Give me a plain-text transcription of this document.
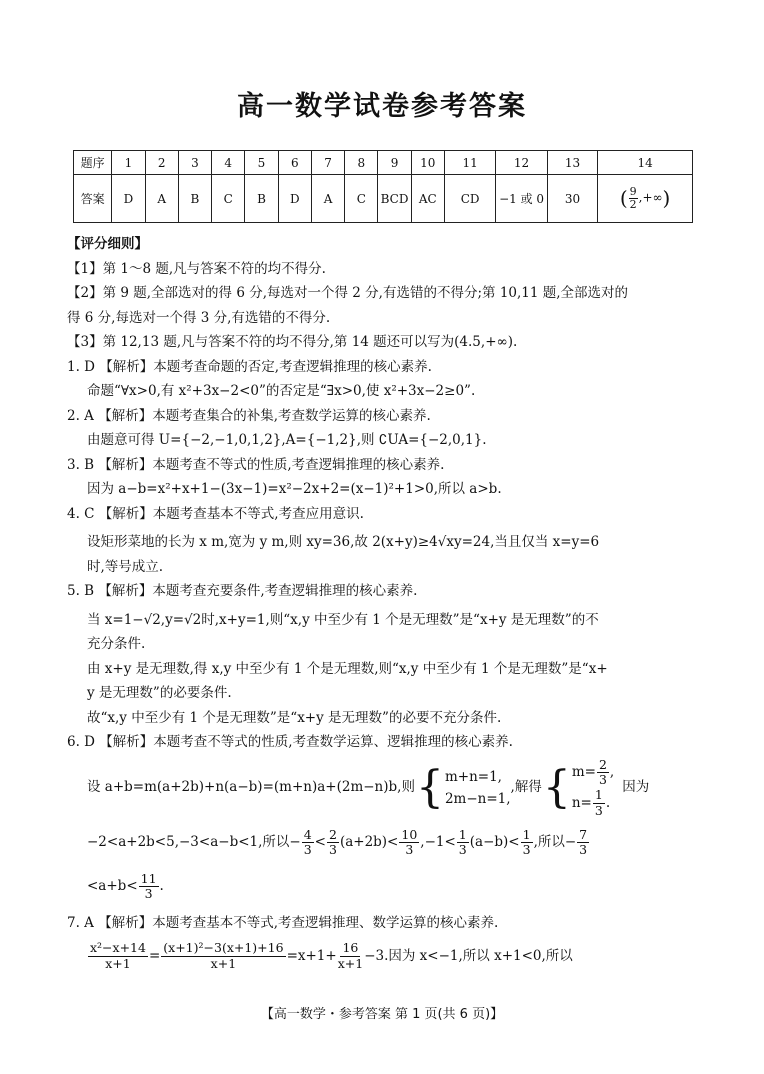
高一数学试卷参考答案
题序	1	2	3	4	5	6	7	8	9	10	11	12	13	14
答案	D	A	B	C	B	D	A	C	BCD	AC	CD	−1 或 0	30	( $\frac{9}{2}$ ,+∞)
【评分细则】
【1】第 1～8 题,凡与答案不符的均不得分.
【2】第 9 题,全部选对的得 6 分,每选对一个得 2 分,有选错的不得分;第 10,11 题,全部选对的
得 6 分,每选对一个得 3 分,有选错的不得分.
【3】第 12,13 题,凡与答案不符的均不得分,第 14 题还可以写为(4.5,+∞).
1. D 【解析】本题考查命题的否定,考查逻辑推理的核心素养.
命题“∀x>0,有 x²+3x−2<0”的否定是“∃x>0,使 x²+3x−2≥0”.
2. A 【解析】本题考查集合的补集,考查数学运算的核心素养.
由题意可得 U={−2,−1,0,1,2},A={−1,2},则 ∁UA={−2,0,1}.
3. B 【解析】本题考查不等式的性质,考查逻辑推理的核心素养.
因为 a−b=x²+x+1−(3x−1)=x²−2x+2=(x−1)²+1>0,所以 a>b.
4. C 【解析】本题考查基本不等式,考查应用意识.
设矩形菜地的长为 x m,宽为 y m,则 xy=36,故 2(x+y)≥4√xy=24,当且仅当 x=y=6
时,等号成立.
5. B 【解析】本题考查充要条件,考查逻辑推理的核心素养.
当 x=1−√2,y=√2时,x+y=1,则“x,y 中至少有 1 个是无理数”是“x+y 是无理数”的不
充分条件.
由 x+y 是无理数,得 x,y 中至少有 1 个是无理数,则“x,y 中至少有 1 个是无理数”是“x+
y 是无理数”的必要条件.
故“x,y 中至少有 1 个是无理数”是“x+y 是无理数”的必要不充分条件.
6. D 【解析】本题考查不等式的性质,考查数学运算、逻辑推理的核心素养.
设 a+b=m(a+2b)+n(a−b)=(m+n)a+(2m−n)b,则 { m+n=1,
2m−n=1,
,解得 { $m= \frac{2}{3}$ ,
$n= \frac{1}{3}$ .
因为
−2<a+2b<5,−3<a−b<1,所以− $\frac{4}{3} < \frac{2}{3} (a+2b)< \frac{10}{3} ,-1< \frac{1}{3} (a-b)< \frac{1}{3}$ ,所以− $\frac{7}{3}$
$<a+b< \frac{11}{3}$ .
7. A 【解析】本题考查基本不等式,考查逻辑推理、数学运算的核心素养.
$\frac{\text{x²−x+14}}{x+1} = \frac{\text{(x+1)²−3(x+1)+16}}{x+1} =x+1+ \frac{16}{x+1} -3$.因为 x<−1,所以 x+1<0,所以
【高一数学・参考答案 第 1 页(共 6 页)】
